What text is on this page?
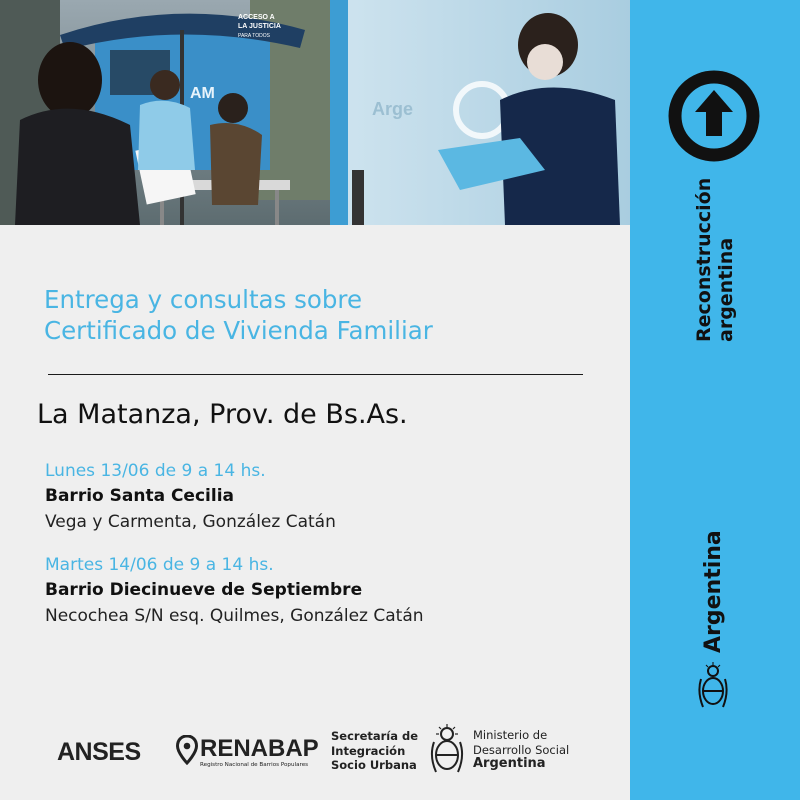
AM
ACCESO A
LA JUSTICIA
PARA TODOS
Arge
Entrega y consultas sobre
Certificado de Vivienda Familiar
La Matanza, Prov. de Bs.As.
Lunes 13/06 de 9 a 14 hs.
Barrio Santa Cecilia
Vega y Carmenta, González Catán
Martes 14/06 de 9 a 14 hs.
Barrio Diecinueve de Septiembre
Necochea S/N esq. Quilmes, González Catán
ANSES RENABAP
Registro Nacional de Barrios Populares
Secretaría de
Integración
Socio Urbana
Ministerio de
Desarrollo Social
Argentina
Reconstrucción argentina
Argentina
